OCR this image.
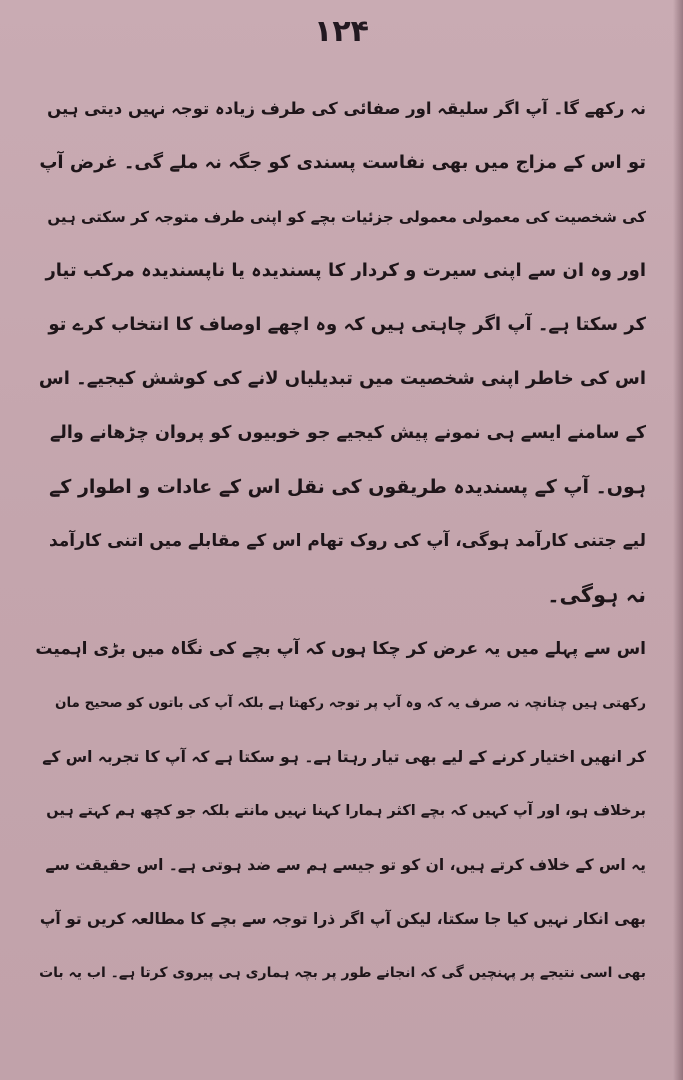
۱۲۴
نہ رکھے گا۔ آپ اگر سلیقہ اور صفائی کی طرف زیادہ توجہ نہیں دیتی ہیں
تو اس کے مزاج میں بھی نفاست پسندی کو جگہ نہ ملے گی۔ غرض آپ
کی شخصیت کی معمولی معمولی جزئیات بچے کو اپنی طرف متوجہ کر سکتی ہیں
اور وہ ان سے اپنی سیرت و کردار کا پسندیدہ یا ناپسندیدہ مرکب تیار
کر سکتا ہے۔ آپ اگر چاہتی ہیں کہ وہ اچھے اوصاف کا انتخاب کرے تو
اس کی خاطر اپنی شخصیت میں تبدیلیاں لانے کی کوشش کیجیے۔ اس
کے سامنے ایسے ہی نمونے پیش کیجیے جو خوبیوں کو پروان چڑھانے والے
ہوں۔ آپ کے پسندیدہ طریقوں کی نقل اس کے عادات و اطوار کے
لیے جتنی کارآمد ہوگی، آپ کی روک تھام اس کے مقابلے میں اتنی کارآمد
نہ ہوگی۔
اس سے پہلے میں یہ عرض کر چکا ہوں کہ آپ بچے کی نگاہ میں بڑی اہمیت
رکھتی ہیں چنانچہ نہ صرف یہ کہ وہ آپ پر توجہ رکھتا ہے بلکہ آپ کی باتوں کو صحیح مان
کر انھیں اختیار کرنے کے لیے بھی تیار رہتا ہے۔ ہو سکتا ہے کہ آپ کا تجربہ اس کے
برخلاف ہو، اور آپ کہیں کہ بچے اکثر ہمارا کہنا نہیں مانتے بلکہ جو کچھ ہم کہتے ہیں
یہ اس کے خلاف کرتے ہیں، ان کو تو جیسے ہم سے ضد ہوتی ہے۔ اس حقیقت سے
بھی انکار نہیں کیا جا سکتا، لیکن آپ اگر ذرا توجہ سے بچے کا مطالعہ کریں تو آپ
بھی اسی نتیجے پر پہنچیں گی کہ انجانے طور پر بچہ ہماری ہی پیروی کرتا ہے۔ اب یہ بات
